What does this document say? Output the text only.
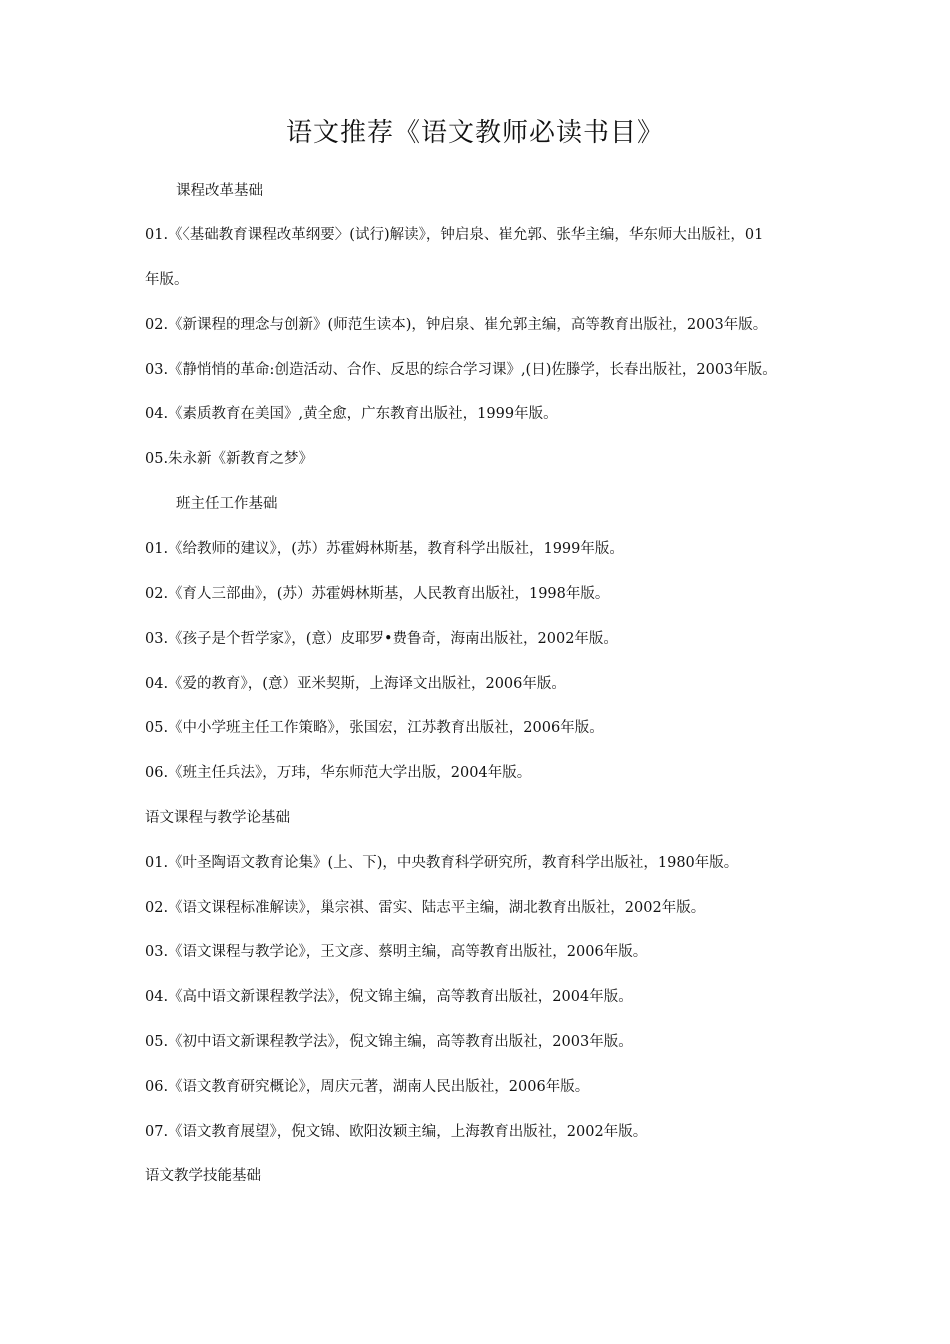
语文推荐《语文教师必读书目》
课程改革基础
01.《〈基础教育课程改革纲要〉(试行)解读》，钟启泉、崔允郭、张华主编，华东师大出版社，01
年版。
02.《新课程的理念与创新》(师范生读本)，钟启泉、崔允郭主编，高等教育出版社，2003年版。
03.《静悄悄的革命:创造活动、合作、反思的综合学习课》,(日)佐滕学，长春出版社，2003年版。
04.《素质教育在美国》,黄全愈，广东教育出版社，1999年版。
05.朱永新《新教育之梦》
班主任工作基础
01.《给教师的建议》，(苏）苏霍姆林斯基，教育科学出版社，1999年版。
02.《育人三部曲》，(苏）苏霍姆林斯基，人民教育出版社，1998年版。
03.《孩子是个哲学家》，(意）皮耶罗•费鲁奇，海南出版社，2002年版。
04.《爱的教育》，(意）亚米契斯，上海译文出版社，2006年版。
05.《中小学班主任工作策略》，张国宏，江苏教育出版社，2006年版。
06.《班主任兵法》，万玮，华东师范大学出版，2004年版。
语文课程与教学论基础
01.《叶圣陶语文教育论集》(上、下)，中央教育科学研究所，教育科学出版社，1980年版。
02.《语文课程标准解读》，巢宗祺、雷实、陆志平主编，湖北教育出版社，2002年版。
03.《语文课程与教学论》，王文彦、蔡明主编，高等教育出版社，2006年版。
04.《高中语文新课程教学法》，倪文锦主编，高等教育出版社，2004年版。
05.《初中语文新课程教学法》，倪文锦主编，高等教育出版社，2003年版。
06.《语文教育研究概论》，周庆元著，湖南人民出版社，2006年版。
07.《语文教育展望》，倪文锦、欧阳汝颖主编，上海教育出版社，2002年版。
语文教学技能基础
